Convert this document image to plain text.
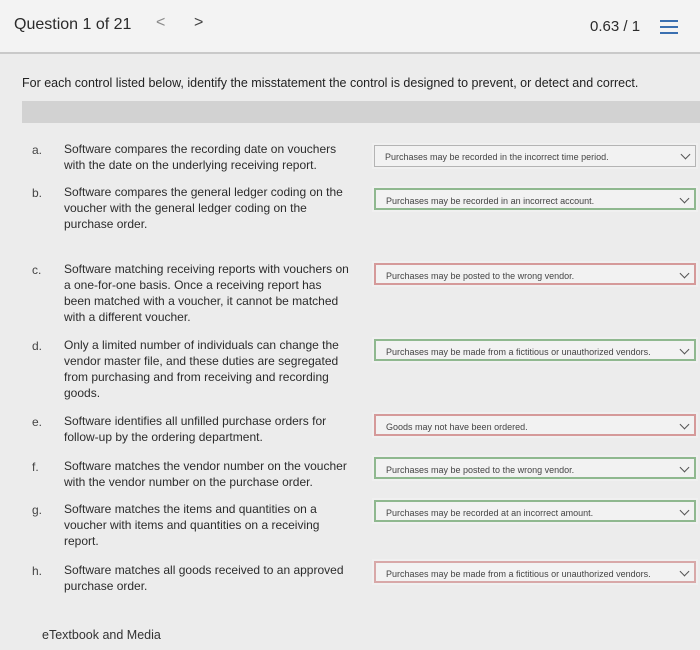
Question 1 of 21 < >	0.63 / 1
For each control listed below, identify the misstatement the control is designed to prevent, or detect and correct.
a. Software compares the recording date on vouchers with the date on the underlying receiving report.
Purchases may be recorded in the incorrect time period.
b. Software compares the general ledger coding on the voucher with the general ledger coding on the purchase order.
Purchases may be recorded in an incorrect account.
c. Software matching receiving reports with vouchers on a one-for-one basis. Once a receiving report has been matched with a voucher, it cannot be matched with a different voucher.
Purchases may be posted to the wrong vendor.
d. Only a limited number of individuals can change the vendor master file, and these duties are segregated from purchasing and from receiving and recording goods.
Purchases may be made from a fictitious or unauthorized vendors.
e. Software identifies all unfilled purchase orders for follow-up by the ordering department.
Goods may not have been ordered.
f. Software matches the vendor number on the voucher with the vendor number on the purchase order.
Purchases may be posted to the wrong vendor.
g. Software matches the items and quantities on a voucher with items and quantities on a receiving report.
Purchases may be recorded at an incorrect amount.
h. Software matches all goods received to an approved purchase order.
Purchases may be made from a fictitious or unauthorized vendors.
eTextbook and Media
